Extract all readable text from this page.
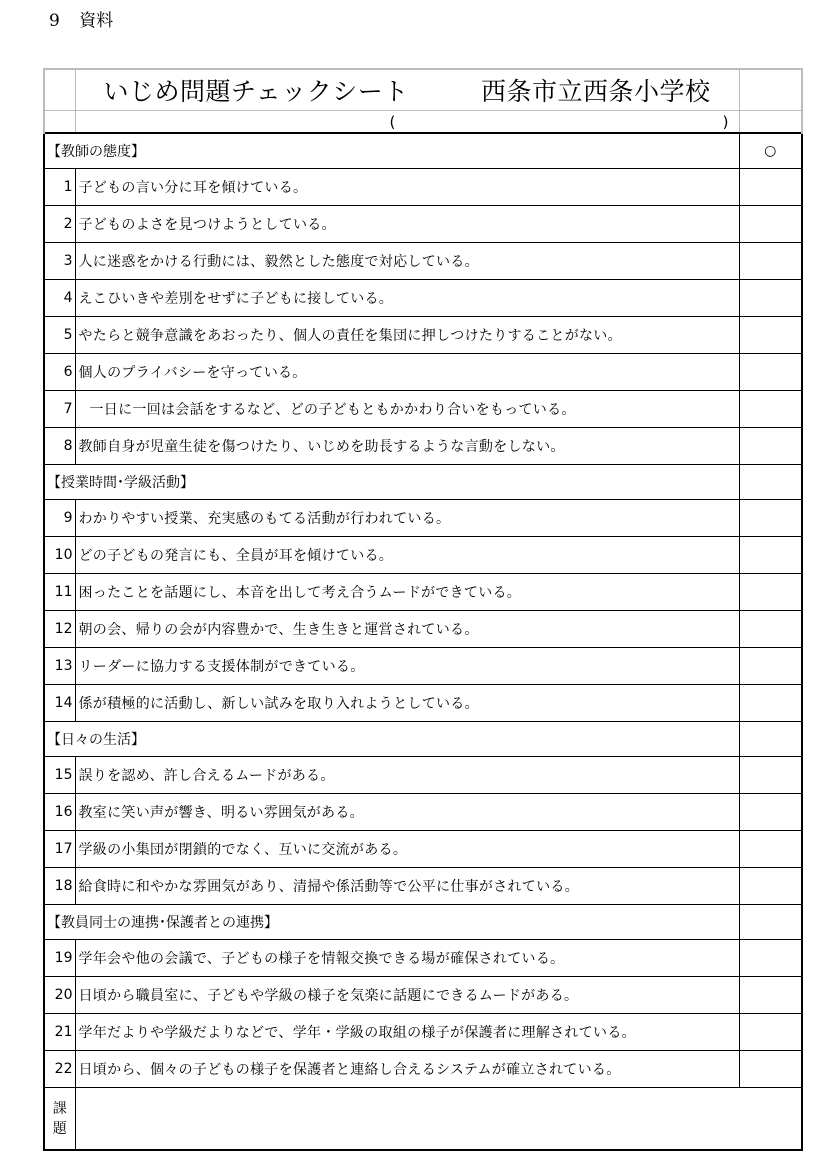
9 資料

	いじめ問題チェックシート 西条市立西条小学校	

	( )	

【教師の態度】		○
1	子どもの言い分に耳を傾けている。	
2	子どものよさを見つけようとしている。	
3	人に迷惑をかける行動には、毅然とした態度で対応している。	
4	えこひいきや差別をせずに子どもに接している。	
5	やたらと競争意識をあおったり、個人の責任を集団に押しつけたりすることがない。	
6	個人のプライバシーを守っている。	
7	一日に一回は会話をするなど、どの子どもともかかわり合いをもっている。	
8	教師自身が児童生徒を傷つけたり、いじめを助長するような言動をしない。	
【授業時間･学級活動】		
9	わかりやすい授業、充実感のもてる活動が行われている。	
10	どの子どもの発言にも、全員が耳を傾けている。	
11	困ったことを話題にし、本音を出して考え合うムードができている。	
12	朝の会、帰りの会が内容豊かで、生き生きと運営されている。	
13	リーダーに協力する支援体制ができている。	
14	係が積極的に活動し、新しい試みを取り入れようとしている。	
【日々の生活】		
15	誤りを認め、許し合えるムードがある。	
16	教室に笑い声が響き、明るい雰囲気がある。	
17	学級の小集団が閉鎖的でなく、互いに交流がある。	
18	給食時に和やかな雰囲気があり、清掃や係活動等で公平に仕事がされている。	
【教員同士の連携･保護者との連携】		
19	学年会や他の会議で、子どもの様子を情報交換できる場が確保されている。	
20	日頃から職員室に、子どもや学級の様子を気楽に話題にできるムードがある。	
21	学年だよりや学級だよりなどで、学年・学級の取組の様子が保護者に理解されている。	
22	日頃から、個々の子どもの様子を保護者と連絡し合えるシステムが確立されている。	

課
題		
